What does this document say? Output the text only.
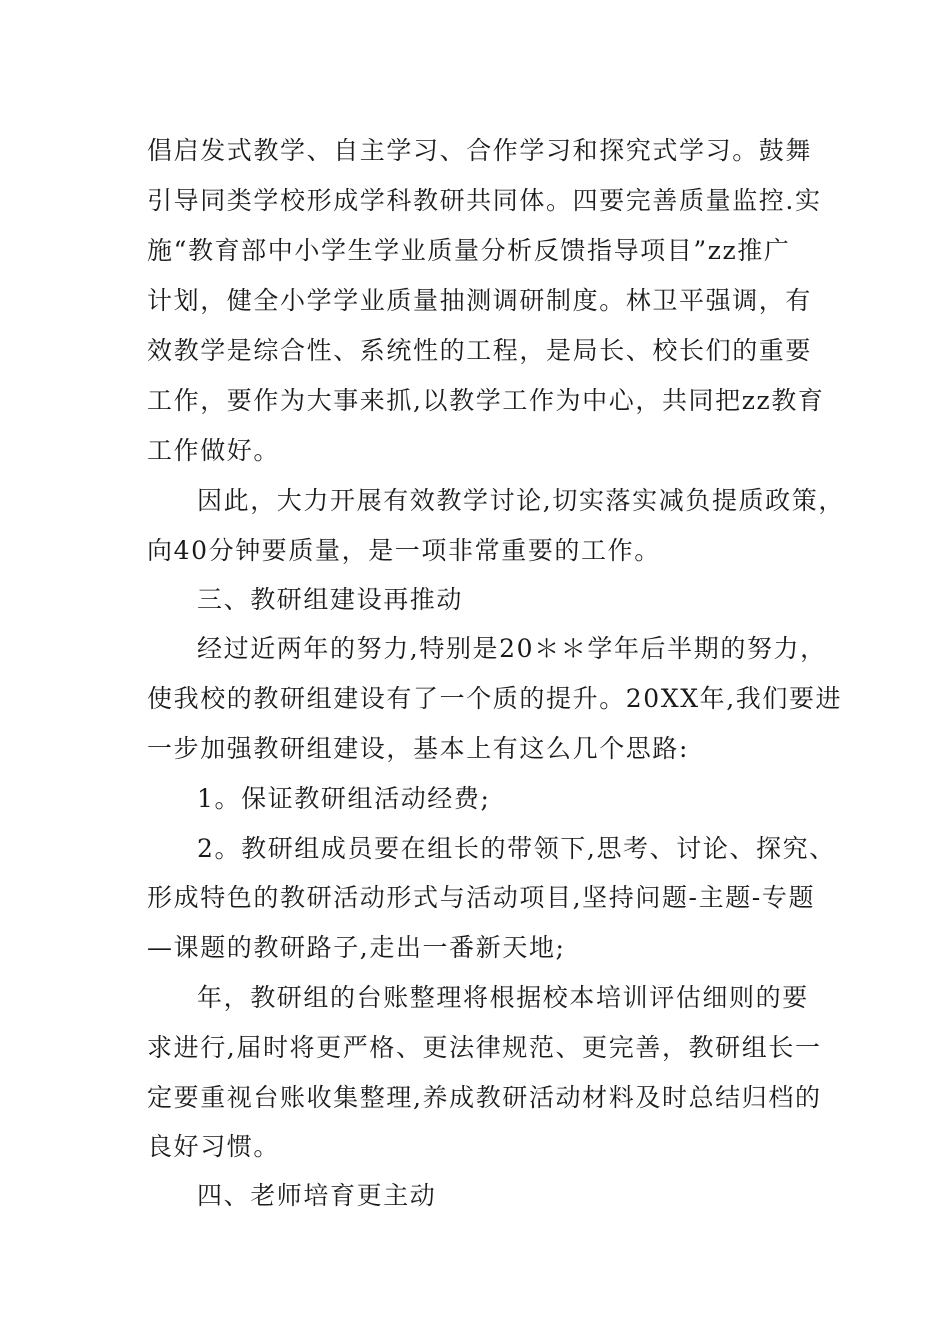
倡启发式教学、自主学习、合作学习和探究式学习。鼓舞

引导同类学校形成学科教研共同体。四要完善质量监控.实

施“教育部中小学生学业质量分析反馈指导项目”zz推广

计划，健全小学学业质量抽测调研制度。林卫平强调，有

效教学是综合性、系统性的工程，是局长、校长们的重要

工作，要作为大事来抓,以教学工作为中心，共同把zz教育

工作做好。

因此，大力开展有效教学讨论,切实落实减负提质政策，

向40分钟要质量，是一项非常重要的工作。

三、教研组建设再推动

经过近两年的努力,特别是20＊＊学年后半期的努力，

使我校的教研组建设有了一个质的提升。20XX年,我们要进

一步加强教研组建设，基本上有这么几个思路:

1。保证教研组活动经费;

2。教研组成员要在组长的带领下,思考、讨论、探究、

形成特色的教研活动形式与活动项目,坚持问题-主题-专题

—课题的教研路子,走出一番新天地;

年，教研组的台账整理将根据校本培训评估细则的要

求进行,届时将更严格、更法律规范、更完善，教研组长一

定要重视台账收集整理,养成教研活动材料及时总结归档的

良好习惯。

四、老师培育更主动
